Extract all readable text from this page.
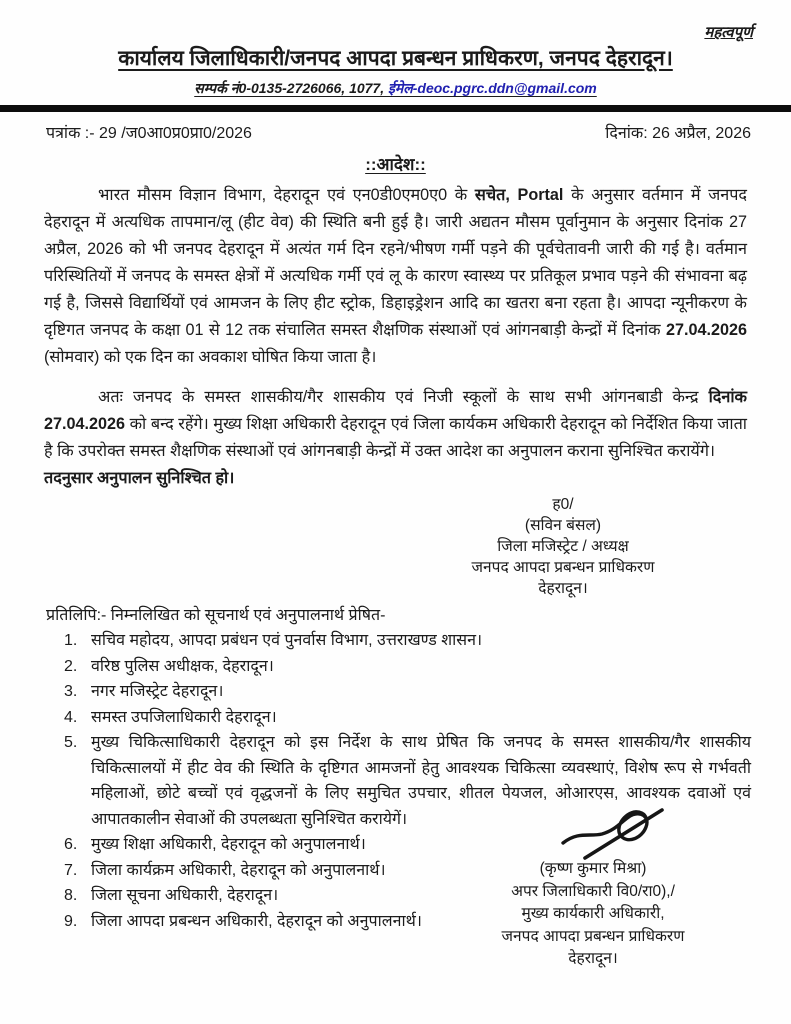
महत्वपूर्ण
कार्यालय जिलाधिकारी/जनपद आपदा प्रबन्धन प्राधिकरण, जनपद देहरादून।
सम्पर्क नं0-0135-2726066, 1077, ईमेल-deoc.pgrc.ddn@gmail.com
पत्रांक :- 29 /ज0आ0प्र0प्रा0/2026	दिनांक: 26 अप्रैल, 2026
::आदेश::

भारत मौसम विज्ञान विभाग, देहरादून एवं एन0डी0एम0ए0 के सचेत, Portal के अनुसार वर्तमान में जनपद देहरादून में अत्यधिक तापमान/लू (हीट वेव) की स्थिति बनी हुई है। जारी अद्यतन मौसम पूर्वानुमान के अनुसार दिनांक 27 अप्रैल, 2026 को भी जनपद देहरादून में अत्यंत गर्म दिन रहने/भीषण गर्मी पड़ने की पूर्वचेतावनी जारी की गई है। वर्तमान परिस्थितियों में जनपद के समस्त क्षेत्रों में अत्यधिक गर्मी एवं लू के कारण स्वास्थ्य पर प्रतिकूल प्रभाव पड़ने की संभावना बढ़ गई है, जिससे विद्यार्थियों एवं आमजन के लिए हीट स्ट्रोक, डिहाइड्रेशन आदि का खतरा बना रहता है। आपदा न्यूनीकरण के दृष्टिगत जनपद के कक्षा 01 से 12 तक संचालित समस्त शैक्षणिक संस्थाओं एवं आंगनबाड़ी केन्द्रों में दिनांक 27.04.2026 (सोमवार) को एक दिन का अवकाश घोषित किया जाता है।

अतः जनपद के समस्त शासकीय/गैर शासकीय एवं निजी स्कूलों के साथ सभी आंगनबाडी केन्द्र दिनांक 27.04.2026 को बन्द रहेंगे। मुख्य शिक्षा अधिकारी देहरादून एवं जिला कार्यकम अधिकारी देहरादून को निर्देशित किया जाता है कि उपरोक्त समस्त शैक्षणिक संस्थाओं एवं आंगनबाड़ी केन्द्रों में उक्त आदेश का अनुपालन कराना सुनिश्चित करायेंगे।

तदनुसार अनुपालन सुनिश्चित हो।
ह0/
(सविन बंसल)
जिला मजिस्ट्रेट / अध्यक्ष
जनपद आपदा प्रबन्धन प्राधिकरण
देहरादून।
प्रतिलिपि:- निम्नलिखित को सूचनार्थ एवं अनुपालनार्थ प्रेषित-
1. सचिव महोदय, आपदा प्रबंधन एवं पुनर्वास विभाग, उत्तराखण्ड शासन।
2. वरिष्ठ पुलिस अधीक्षक, देहरादून।
3. नगर मजिस्ट्रेट देहरादून।
4. समस्त उपजिलाधिकारी देहरादून।
5. मुख्य चिकित्साधिकारी देहरादून को इस निर्देश के साथ प्रेषित कि जनपद के समस्त शासकीय/गैर शासकीय चिकित्सालयों में हीट वेव की स्थिति के दृष्टिगत आमजनों हेतु आवश्यक चिकित्सा व्यवस्थाएं, विशेष रूप से गर्भवती महिलाओं, छोटे बच्चों एवं वृद्धजनों के लिए समुचित उपचार, शीतल पेयजल, ओआरएस, आवश्यक दवाओं एवं आपातकालीन सेवाओं की उपलब्धता सुनिश्चित करायेगें।
6. मुख्य शिक्षा अधिकारी, देहरादून को अनुपालनार्थ।
7. जिला कार्यक्रम अधिकारी, देहरादून को अनुपालनार्थ।
8. जिला सूचना अधिकारी, देहरादून।
9. जिला आपदा प्रबन्धन अधिकारी, देहरादून को अनुपालनार्थ।
(कृष्ण कुमार मिश्रा)
अपर जिलाधिकारी वि0/रा0),/
मुख्य कार्यकारी अधिकारी,
जनपद आपदा प्रबन्धन प्राधिकरण
देहरादून।
